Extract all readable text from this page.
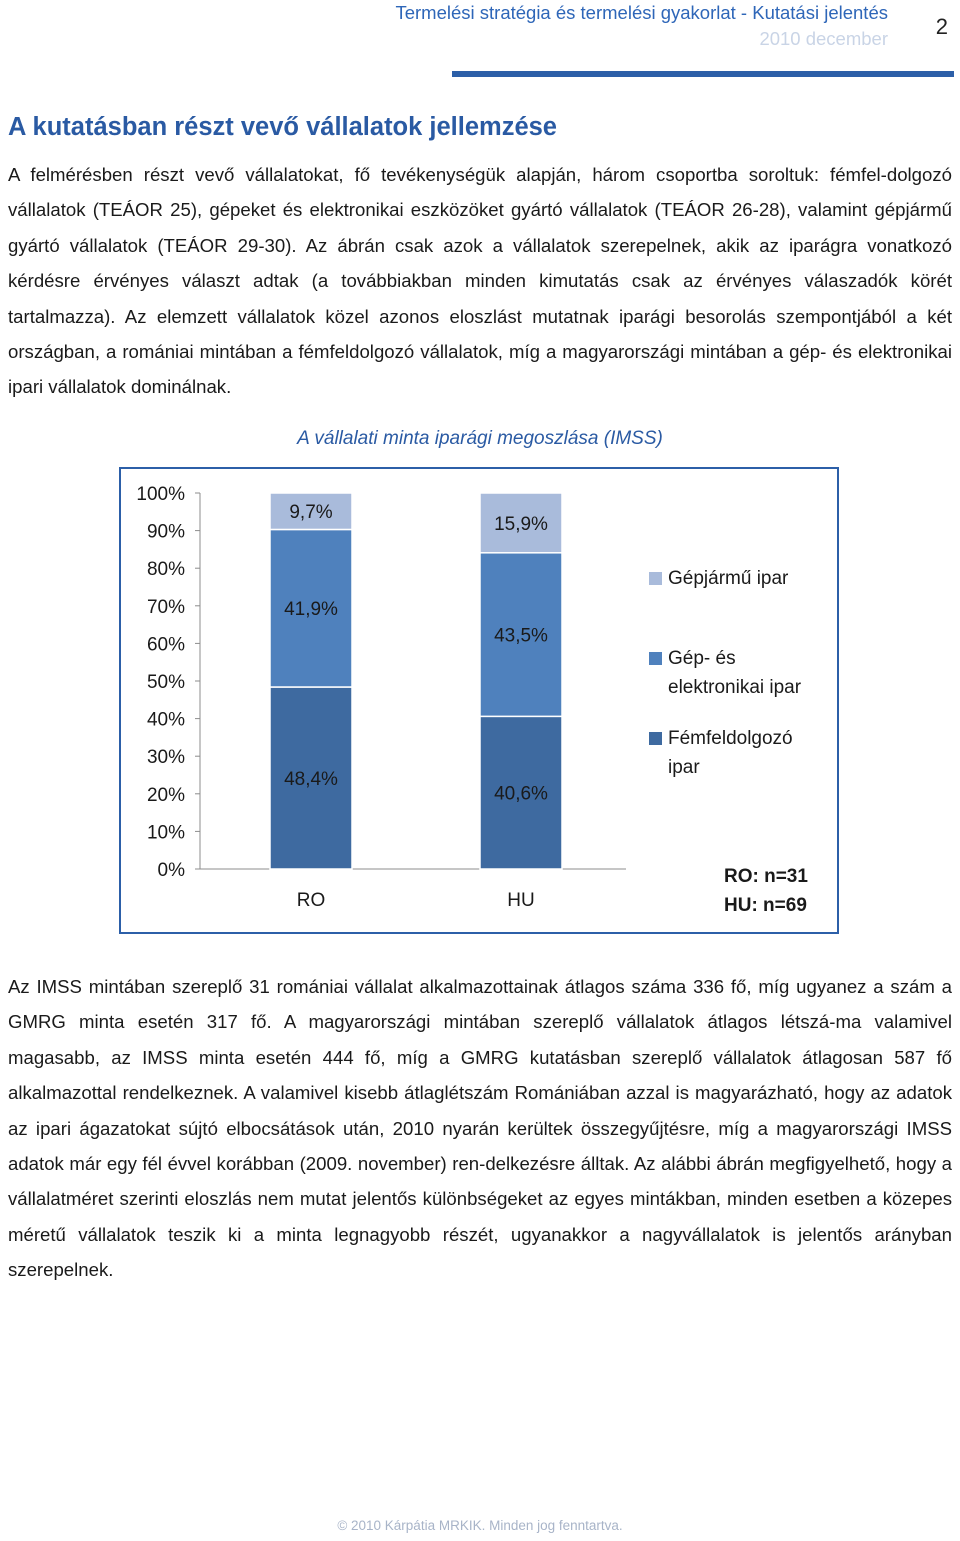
Termelési stratégia és termelési gyakorlat - Kutatási jelentés
2010 december 2
A kutatásban részt vevő vállalatok jellemzése

A felmérésben részt vevő vállalatokat, fő tevékenységük alapján, három csoportba soroltuk: fémfel-dolgozó vállalatok (TEÁOR 25), gépeket és elektronikai eszközöket gyártó vállalatok (TEÁOR 26-28), valamint gépjármű gyártó vállalatok (TEÁOR 29-30). Az ábrán csak azok a vállalatok szerepelnek, akik az iparágra vonatkozó kérdésre érvényes választ adtak (a továbbiakban minden kimutatás csak az érvényes válaszadók körét tartalmazza). Az elemzett vállalatok közel azonos eloszlást mutatnak iparági besorolás szempontjából a két országban, a romániai mintában a fémfeldolgozó vállalatok, míg a magyarországi mintában a gép- és elektronikai ipari vállalatok dominálnak.

A vállalati minta iparági megoszlása (IMSS)
0%
10%
20%
30%
40%
50%
60%
70%
80%
90%
100%
48,4%
41,9%
9,7%
RO
40,6%
43,5%
15,9%
HU
Gépjármű ipar
Gép- és
elektronikai ipar
Fémfeldolgozó
ipar
RO: n=31
HU: n=69

Az IMSS mintában szereplő 31 romániai vállalat alkalmazottainak átlagos száma 336 fő, míg ugyanez a szám a GMRG minta esetén 317 fő. A magyarországi mintában szereplő vállalatok átlagos létszá-ma valamivel magasabb, az IMSS minta esetén 444 fő, míg a GMRG kutatásban szereplő vállalatok átlagosan 587 fő alkalmazottal rendelkeznek. A valamivel kisebb átlaglétszám Romániában azzal is magyarázható, hogy az adatok az ipari ágazatokat sújtó elbocsátások után, 2010 nyarán kerültek összegyűjtésre, míg a magyarországi IMSS adatok már egy fél évvel korábban (2009. november) ren-delkezésre álltak. Az alábbi ábrán megfigyelhető, hogy a vállalatméret szerinti eloszlás nem mutat jelentős különbségeket az egyes mintákban, minden esetben a közepes méretű vállalatok teszik ki a minta legnagyobb részét, ugyanakkor a nagyvállalatok is jelentős arányban szerepelnek.

© 2010 Kárpátia MRKIK. Minden jog fenntartva.
